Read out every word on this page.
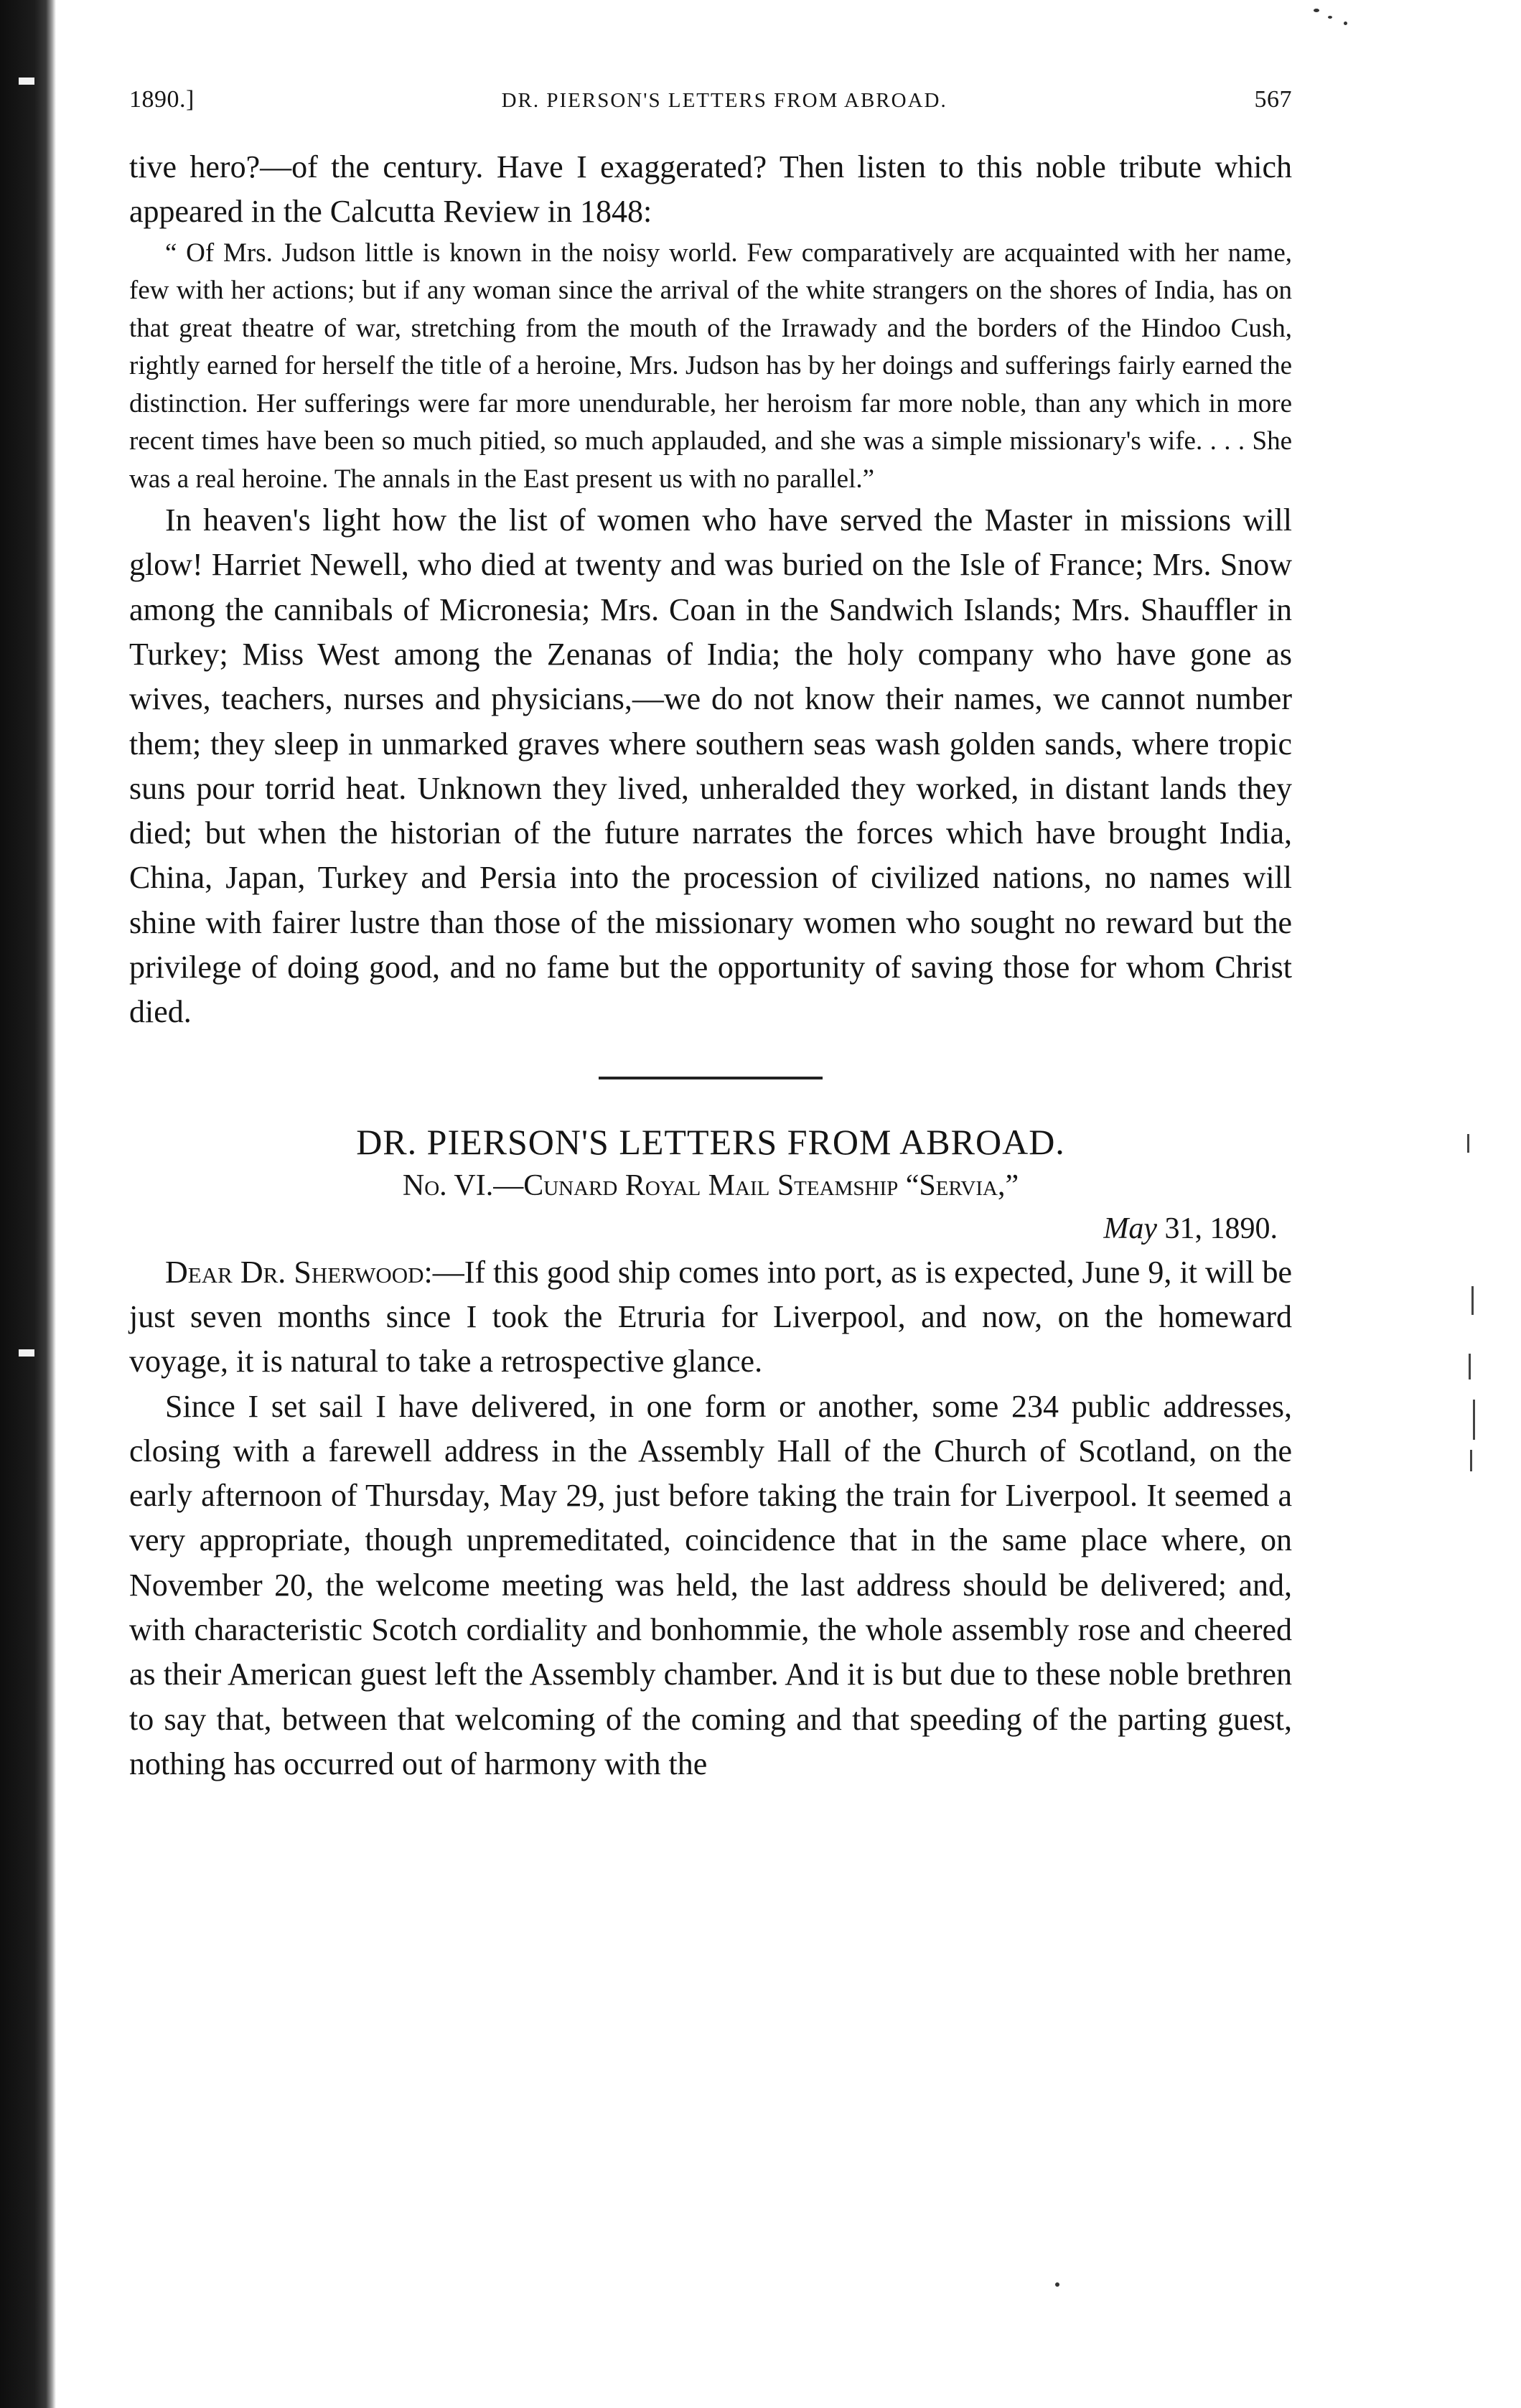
1890.]	DR. PIERSON'S LETTERS FROM ABROAD.	567

tive hero?—of the century. Have I exaggerated? Then listen to this noble tribute which appeared in the Calcutta Review in 1848:

“ Of Mrs. Judson little is known in the noisy world. Few comparatively are acquainted with her name, few with her actions; but if any woman since the arrival of the white strangers on the shores of India, has on that great theatre of war, stretching from the mouth of the Irrawady and the borders of the Hindoo Cush, rightly earned for herself the title of a heroine, Mrs. Judson has by her doings and sufferings fairly earned the distinction. Her sufferings were far more unendurable, her heroism far more noble, than any which in more recent times have been so much pitied, so much applauded, and she was a simple missionary's wife. . . . She was a real heroine. The annals in the East present us with no parallel.”

In heaven's light how the list of women who have served the Master in missions will glow! Harriet Newell, who died at twenty and was buried on the Isle of France; Mrs. Snow among the cannibals of Micronesia; Mrs. Coan in the Sandwich Islands; Mrs. Shauffler in Turkey; Miss West among the Zenanas of India; the holy company who have gone as wives, teachers, nurses and physicians,—we do not know their names, we cannot number them; they sleep in unmarked graves where southern seas wash golden sands, where tropic suns pour torrid heat. Unknown they lived, unheralded they worked, in distant lands they died; but when the historian of the future narrates the forces which have brought India, China, Japan, Turkey and Persia into the procession of civilized nations, no names will shine with fairer lustre than those of the missionary women who sought no reward but the privilege of doing good, and no fame but the opportunity of saving those for whom Christ died.

DR. PIERSON'S LETTERS FROM ABROAD.
No. VI.—Cunard Royal Mail Steamship “Servia,”
May 31, 1890.

Dear Dr. Sherwood:—If this good ship comes into port, as is expected, June 9, it will be just seven months since I took the Etruria for Liverpool, and now, on the homeward voyage, it is natural to take a retrospective glance.

Since I set sail I have delivered, in one form or another, some 234 public addresses, closing with a farewell address in the Assembly Hall of the Church of Scotland, on the early afternoon of Thursday, May 29, just before taking the train for Liverpool. It seemed a very appropriate, though unpremeditated, coincidence that in the same place where, on November 20, the welcome meeting was held, the last address should be delivered; and, with characteristic Scotch cordiality and bonhommie, the whole assembly rose and cheered as their American guest left the Assembly chamber. And it is but due to these noble brethren to say that, between that welcoming of the coming and that speeding of the parting guest, nothing has occurred out of harmony with the
